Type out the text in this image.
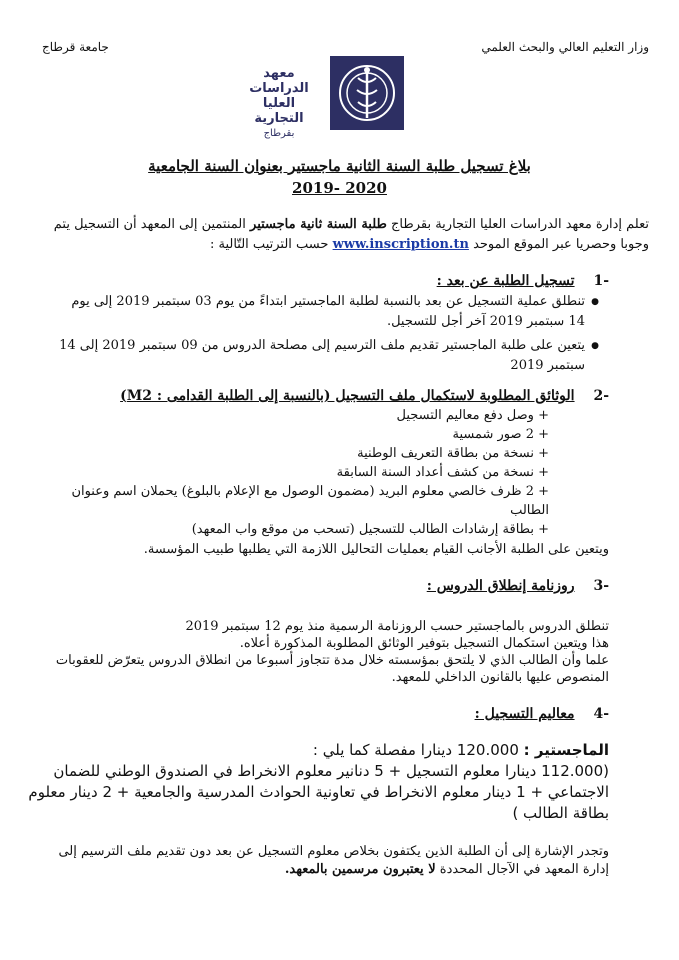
وزار التعليم العالي والبحث العلمي
جامعة قرطاج
معهد الدراسات
العليا التجارية
بقرطاج
بلاغ تسجيل طلبة السنة الثانية ماجستير بعنوان السنة الجامعية
2019- 2020
تعلم إدارة معهد الدراسات العليا التجارية بقرطاج طلبة السنة ثانية ماجستير المنتمين إلى المعهد أن التسجيل يتم وجوبا وحصريا عبر الموقع الموحد www.inscription.tn حسب الترتيب التّالية :
-1 تسجيل الطلبة عن بعد :
● تنطلق عملية التسجيل عن بعد بالنسبة لطلبة الماجستير ابتداءً من يوم 03 سبتمبر 2019 إلى يوم 14 سبتمبر 2019 آخر أجل للتسجيل.
● يتعين على طلبة الماجستير تقديم ملف الترسيم إلى مصلحة الدروس من 09 سبتمبر 2019 إلى 14 سبتمبر 2019
-2 الوثائق المطلوبة لاستكمال ملف التسجيل (بالنسبة إلى الطلبة القدامى : M2)
+ وصل دفع معاليم التسجيل
+ 2 صور شمسية
+ نسخة من بطاقة التعريف الوطنية
+ نسخة من كشف أعداد السنة السابقة
+ 2 ظرف خالصي معلوم البريد (مضمون الوصول مع الإعلام بالبلوغ) يحملان اسم وعنوان الطالب
+ بطاقة إرشادات الطالب للتسجيل (تسحب من موقع واب المعهد)
ويتعين على الطلبة الأجانب القيام بعمليات التحاليل اللازمة التي يطلبها طبيب المؤسسة.
-3 روزنامة إنطلاق الدروس :
تنطلق الدروس بالماجستير حسب الروزنامة الرسمية منذ يوم 12 سبتمبر 2019
هذا ويتعين استكمال التسجيل بتوفير الوثائق المطلوبة المذكورة أعلاه.
علما وأن الطالب الذي لا يلتحق بمؤسسته خلال مدة تتجاوز أسبوعا من انطلاق الدروس يتعرّض للعقوبات المنصوص عليها بالقانون الداخلي للمعهد.
-4 معاليم التسجيل :
الماجستير : 120.000 دينارا مفصلة كما يلي :
(112.000 دينارا معلوم التسجيل + 5 دنانير معلوم الانخراط في الصندوق الوطني للضمان الاجتماعي + 1 دينار معلوم الانخراط في تعاونية الحوادث المدرسية والجامعية + 2 دينار معلوم بطاقة الطالب )
وتجدر الإشارة إلى أن الطلبة الذين يكتفون بخلاص معلوم التسجيل عن بعد دون تقديم ملف الترسيم إلى إدارة المعهد في الآجال المحددة لا يعتبرون مرسمين بالمعهد.
